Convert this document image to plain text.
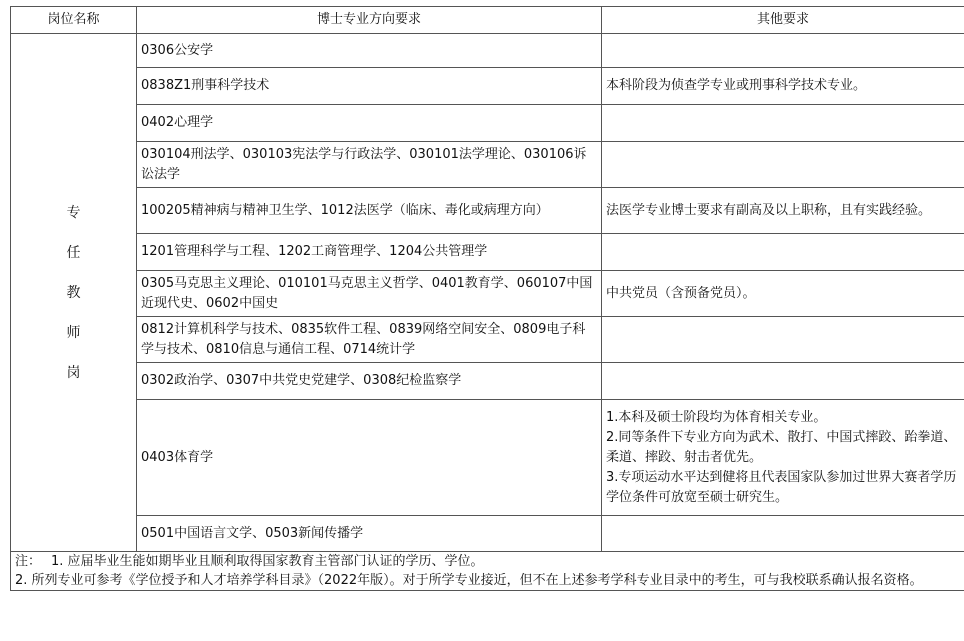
岗位名称	博士专业方向要求	其他要求

专
任
教
师
岗	0306公安学	
	0838Z1刑事科学技术	本科阶段为侦查学专业或刑事科学技术专业。

	0402心理学	
	030104刑法学、030103宪法学与行政法学、030101法学理论、030106诉讼法学	
	100205精神病与精神卫生学、1012法医学（临床、毒化或病理方向）	法医学专业博士要求有副高及以上职称，且有实践经验。

	1201管理科学与工程、1202工商管理学、1204公共管理学	
	0305马克思主义理论、010101马克思主义哲学、0401教育学、060107中国近现代史、0602中国史	中共党员（含预备党员）。

	0812计算机科学与技术、0835软件工程、0839网络空间安全、0809电子科学与技术、0810信息与通信工程、0714统计学	
	0302政治学、0307中共党史党建学、0308纪检监察学	
	0403体育学	1.本科及硕士阶段均为体育相关专业。
2.同等条件下专业方向为武术、散打、中国式摔跤、跆拳道、柔道、摔跤、射击者优先。
3.专项运动水平达到健将且代表国家队参加过世界大赛者学历学位条件可放宽至硕士研究生。

	0501中国语言文学、0503新闻传播学	

注： 1. 应届毕业生能如期毕业且顺利取得国家教育主管部门认证的学历、学位。
2. 所列专业可参考《学位授予和人才培养学科目录》（2022年版）。对于所学专业接近，但不在上述参考学科专业目录中的考生，可与我校联系确认报名资格。		
